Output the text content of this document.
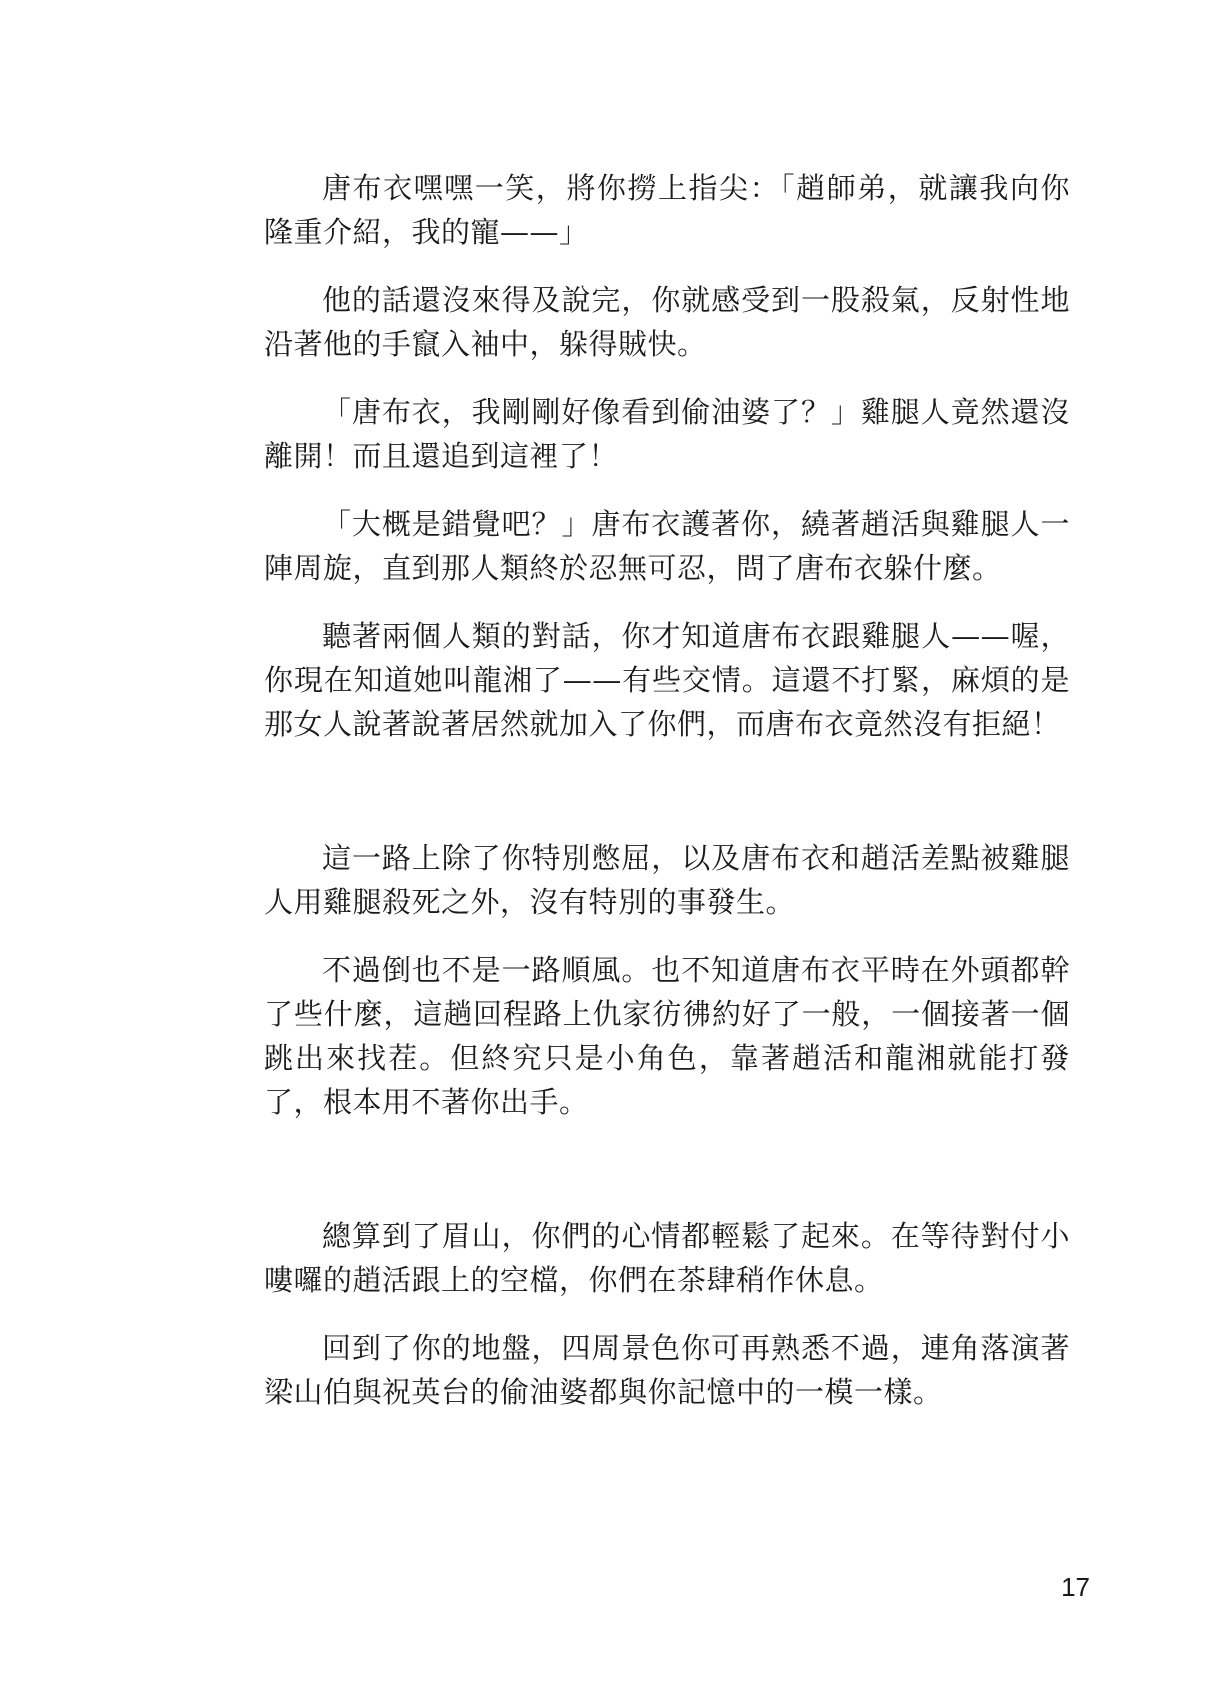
唐布衣嘿嘿一笑，將你撈上指尖：「趙師弟，就讓我向你隆重介紹，我的寵——」

他的話還沒來得及說完，你就感受到一股殺氣，反射性地沿著他的手竄入袖中，躲得賊快。

「唐布衣，我剛剛好像看到偷油婆了？」雞腿人竟然還沒離開！而且還追到這裡了！

「大概是錯覺吧？」唐布衣護著你，繞著趙活與雞腿人一陣周旋，直到那人類終於忍無可忍，問了唐布衣躲什麼。

聽著兩個人類的對話，你才知道唐布衣跟雞腿人——喔，你現在知道她叫龍湘了——有些交情。這還不打緊，麻煩的是那女人說著說著居然就加入了你們，而唐布衣竟然沒有拒絕！

這一路上除了你特別憋屈，以及唐布衣和趙活差點被雞腿人用雞腿殺死之外，沒有特別的事發生。

不過倒也不是一路順風。也不知道唐布衣平時在外頭都幹了些什麼，這趟回程路上仇家彷彿約好了一般，一個接著一個跳出來找茬。但終究只是小角色，靠著趙活和龍湘就能打發了，根本用不著你出手。

總算到了眉山，你們的心情都輕鬆了起來。在等待對付小嘍囉的趙活跟上的空檔，你們在茶肆稍作休息。

回到了你的地盤，四周景色你可再熟悉不過，連角落演著梁山伯與祝英台的偷油婆都與你記憶中的一模一樣。

17
